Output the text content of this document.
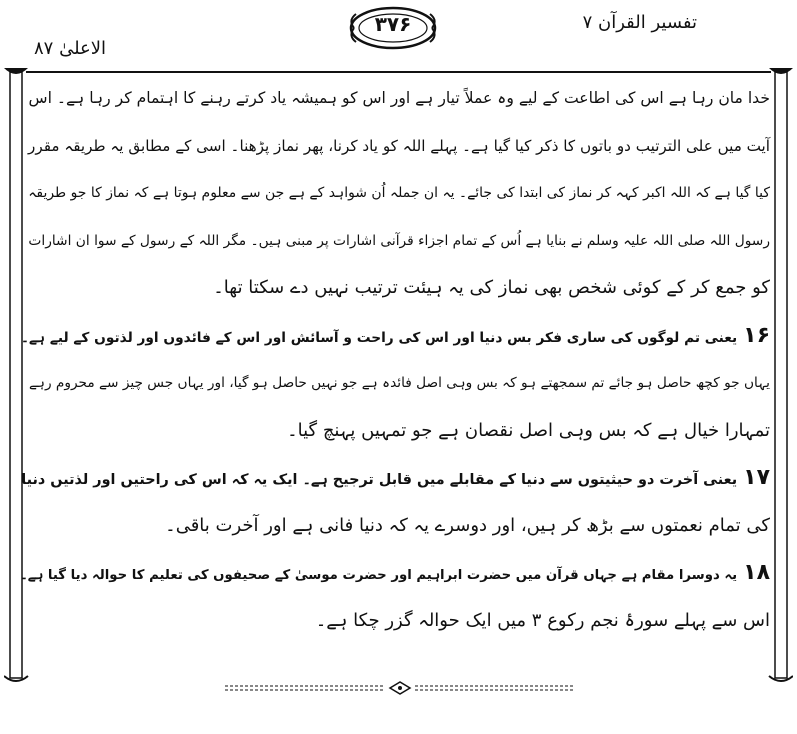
۳۷۶
الاعلیٰ ۸۷
تفسیر القرآن ۷
خدا مان رہا ہے اس کی اطاعت کے لیے وہ عملاً تیار ہے اور اس کو ہمیشہ یاد کرتے رہنے کا اہتمام کر رہا ہے۔ اس
آیت میں علی الترتیب دو باتوں کا ذکر کیا گیا ہے۔ پہلے اللہ کو یاد کرنا، پھر نماز پڑھنا۔ اسی کے مطابق یہ طریقہ مقرر
کیا گیا ہے کہ اللہ اکبر کہہ کر نماز کی ابتدا کی جائے۔ یہ ان جملہ اُن شواہد کے ہے جن سے معلوم ہوتا ہے کہ نماز کا جو طریقہ
رسول اللہ صلی اللہ علیہ وسلم نے بنایا ہے اُس کے تمام اجزاء قرآنی اشارات پر مبنی ہیں۔ مگر اللہ کے رسول کے سوا ان اشارات
کو جمع کر کے کوئی شخص بھی نماز کی یہ ہیئت ترتیب نہیں دے سکتا تھا۔
۱۶یعنی تم لوگوں کی ساری فکر بس دنیا اور اس کی راحت و آسائش اور اس کے فائدوں اور لذتوں کے لیے ہے۔
یہاں جو کچھ حاصل ہو جائے تم سمجھتے ہو کہ بس وہی اصل فائدہ ہے جو نہیں حاصل ہو گیا، اور یہاں جس چیز سے محروم رہے
تمہارا خیال ہے کہ بس وہی اصل نقصان ہے جو تمہیں پہنچ گیا۔
۱۷یعنی آخرت دو حیثیتوں سے دنیا کے مقابلے میں قابل ترجیح ہے۔ ایک یہ کہ اس کی راحتیں اور لذتیں دنیا
کی تمام نعمتوں سے بڑھ کر ہیں، اور دوسرے یہ کہ دنیا فانی ہے اور آخرت باقی۔
۱۸یہ دوسرا مقام ہے جہاں قرآن میں حضرت ابراہیم اور حضرت موسیٰ کے صحیفوں کی تعلیم کا حوالہ دیا گیا ہے۔
اس سے پہلے سورۂ نجم رکوع ۳ میں ایک حوالہ گزر چکا ہے۔
